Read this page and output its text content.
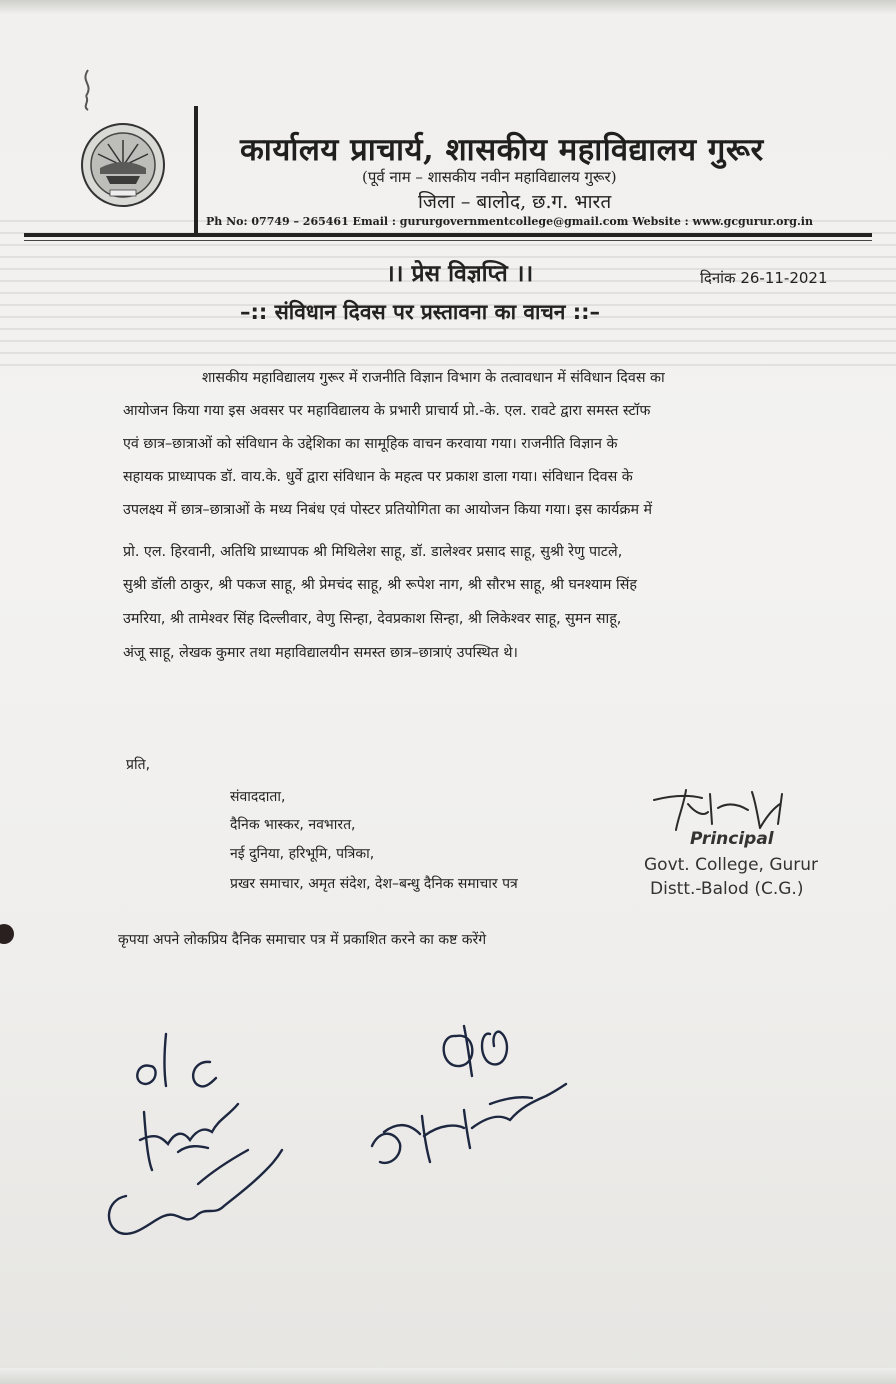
कार्यालय प्राचार्य, शासकीय महाविद्यालय गुरूर
(पूर्व नाम – शासकीय नवीन महाविद्यालय गुरूर)
जिला – बालोद, छ.ग. भारत
Ph No: 07749 – 265461 Email : gururgovernmentcollege@gmail.com Website : www.gcgurur.org.in
।। प्रेस विज्ञप्ति ।।	दिनांक 26-11-2021
–:: संविधान दिवस पर प्रस्तावना का वाचन ::–
शासकीय महाविद्यालय गुरूर में राजनीति विज्ञान विभाग के तत्वावधान में संविधान दिवस का
आयोजन किया गया इस अवसर पर महाविद्यालय के प्रभारी प्राचार्य प्रो.-के. एल. रावटे द्वारा समस्त स्टॉफ
एवं छात्र–छात्राओं को संविधान के उद्देशिका का सामूहिक वाचन करवाया गया। राजनीति विज्ञान के
सहायक प्राध्यापक डॉ. वाय.के. धुर्वे द्वारा संविधान के महत्व पर प्रकाश डाला गया। संविधान दिवस के
उपलक्ष्य में छात्र–छात्राओं के मध्य निबंध एवं पोस्टर प्रतियोगिता का आयोजन किया गया। इस कार्यक्रम में
प्रो. एल. हिरवानी, अतिथि प्राध्यापक श्री मिथिलेश साहू, डॉ. डालेश्वर प्रसाद साहू, सुश्री रेणु पाटले,
सुश्री डॉली ठाकुर, श्री पकज साहू, श्री प्रेमचंद साहू, श्री रूपेश नाग, श्री सौरभ साहू, श्री घनश्याम सिंह
उमरिया, श्री तामेश्वर सिंह दिल्लीवार, वेणु सिन्हा, देवप्रकाश सिन्हा, श्री लिकेश्वर साहू, सुमन साहू,
अंजू साहू, लेखक कुमार तथा महाविद्यालयीन समस्त छात्र–छात्राएं उपस्थित थे।
प्रति,
संवाददाता,
दैनिक भास्कर, नवभारत,
नई दुनिया, हरिभूमि, पत्रिका,
प्रखर समाचार, अमृत संदेश, देश–बन्धु दैनिक समाचार पत्र
Principal
Govt. College, Gurur
Distt.-Balod (C.G.)
कृपया अपने लोकप्रिय दैनिक समाचार पत्र में प्रकाशित करने का कष्ट करेंगे
